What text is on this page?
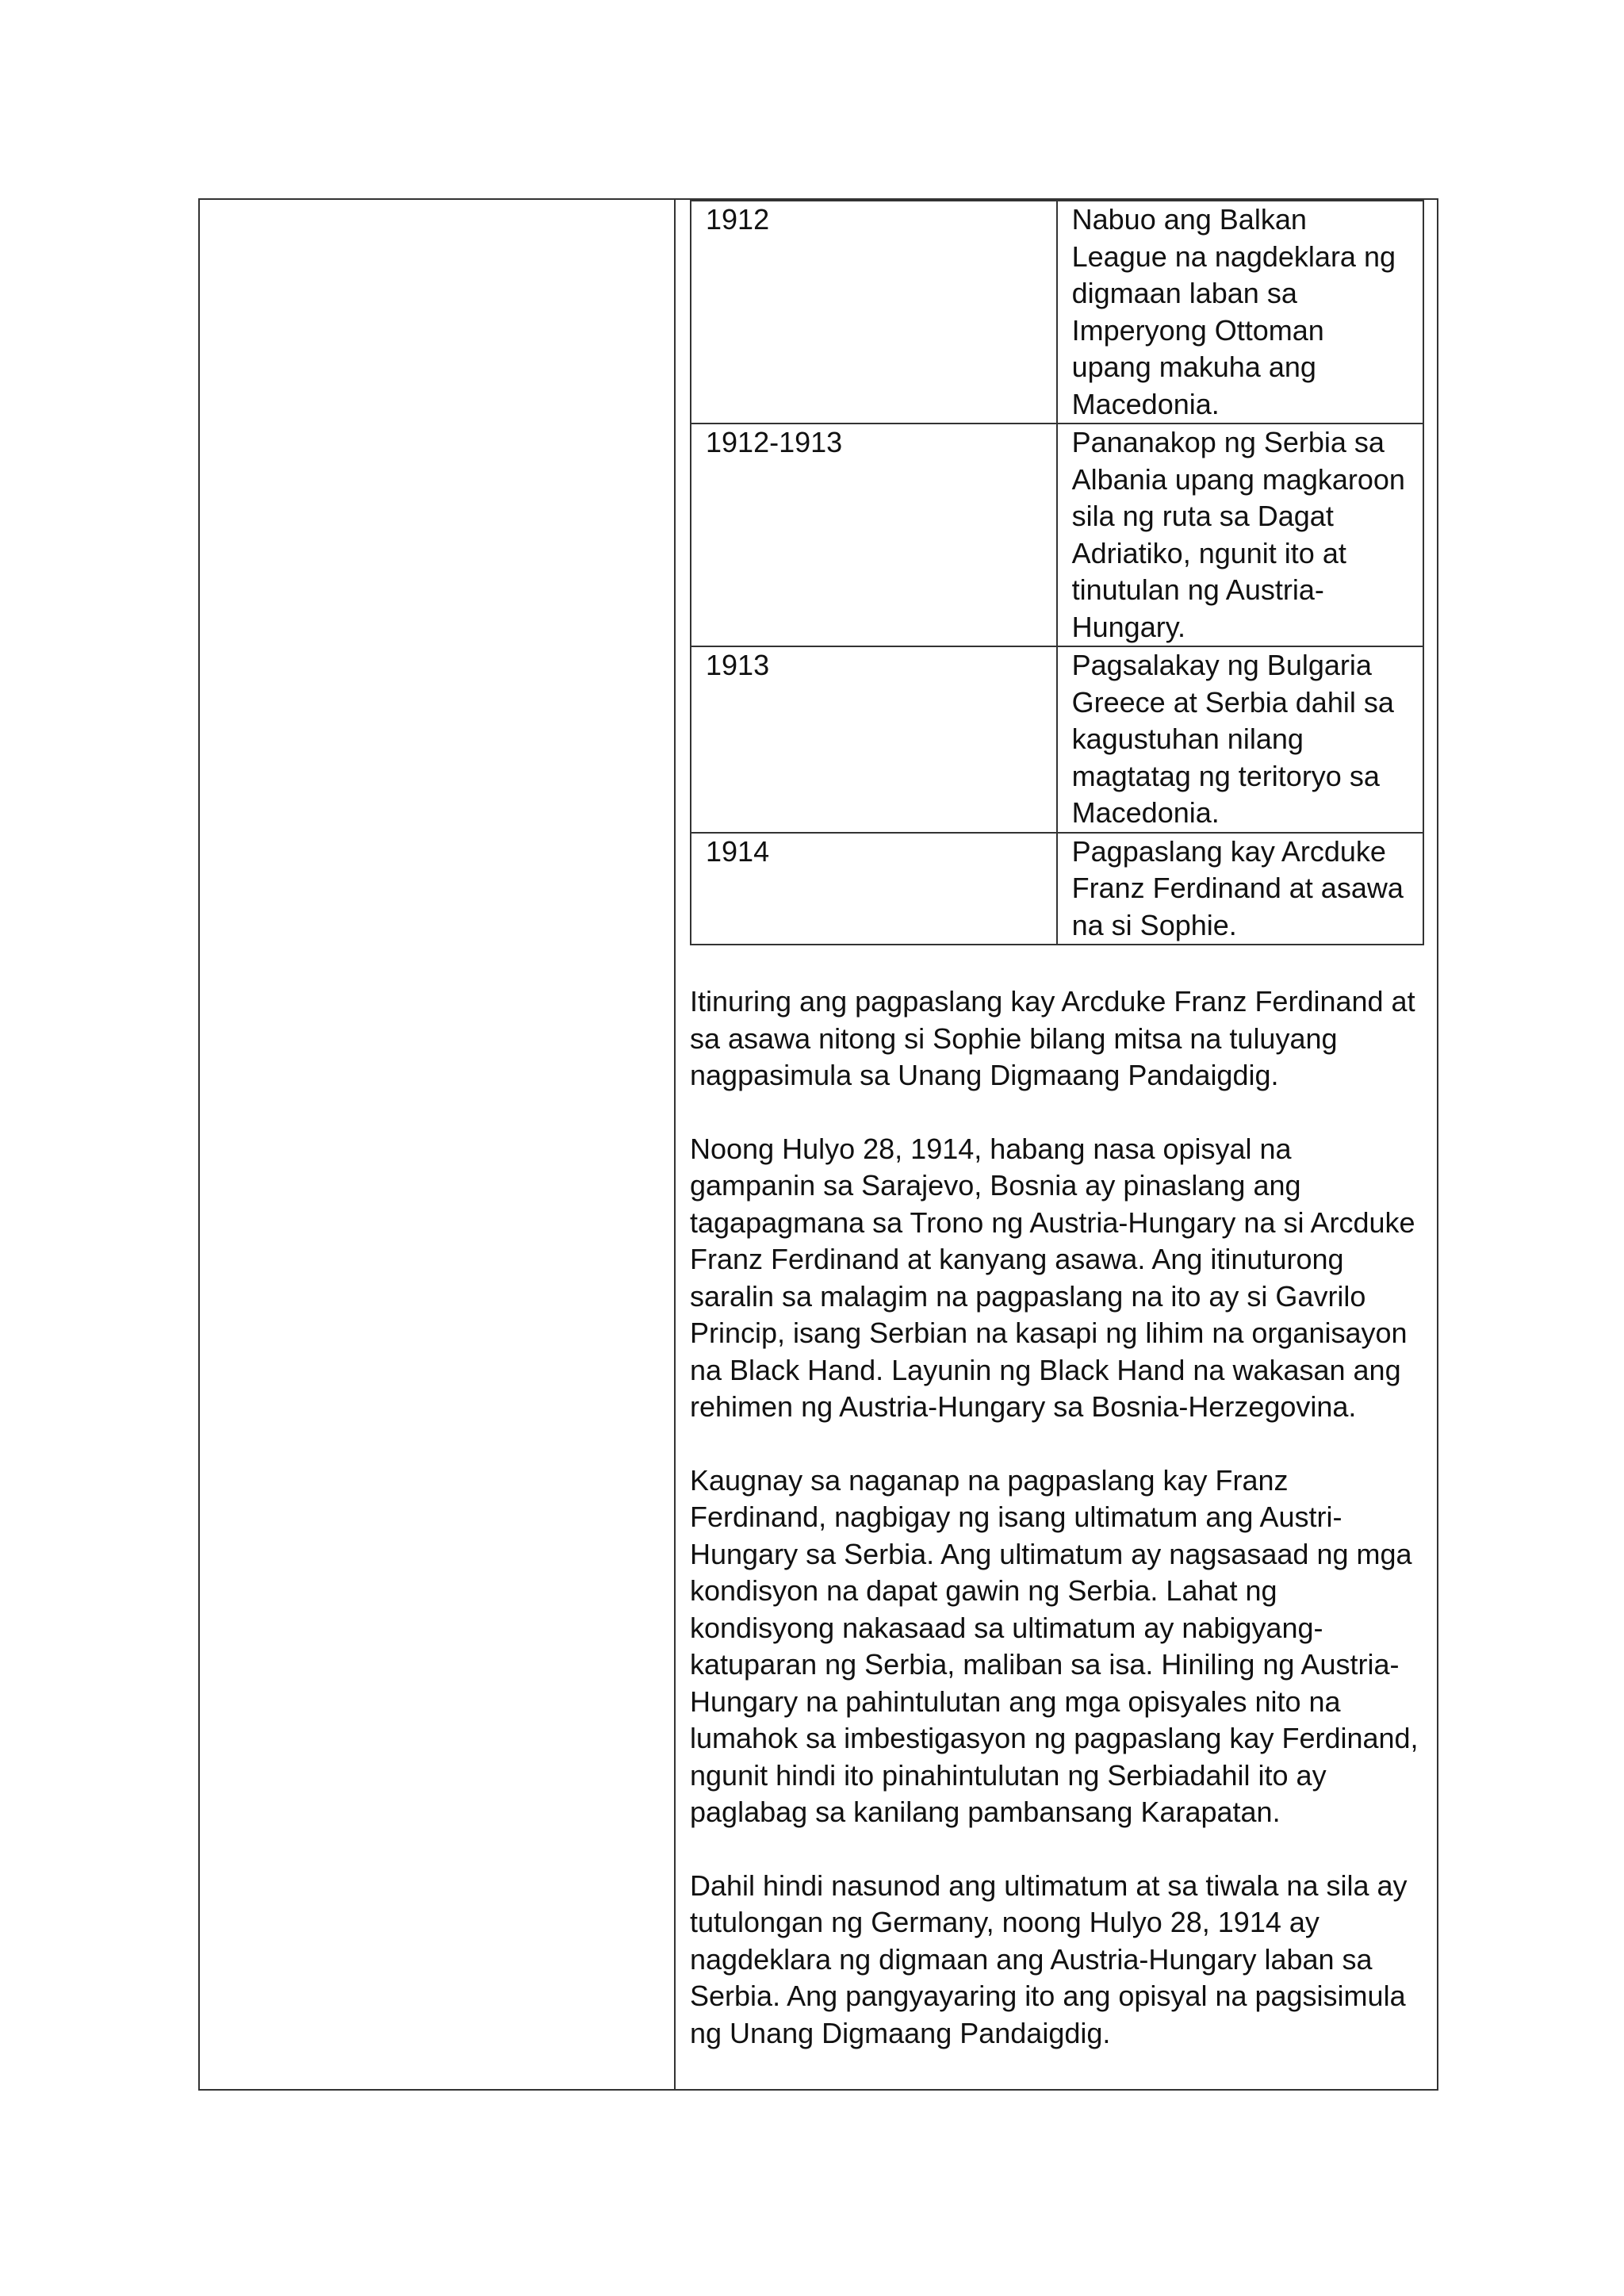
1912	Nabuo ang Balkan League na nagdeklara ng digmaan laban sa Imperyong Ottoman upang makuha ang Macedonia.
1912-1913	Pananakop ng Serbia sa Albania upang magkaroon sila ng ruta sa Dagat Adriatiko, ngunit ito at tinutulan ng Austria-Hungary.
1913	Pagsalakay ng Bulgaria Greece at Serbia dahil sa kagustuhan nilang magtatag ng teritoryo sa Macedonia.
1914	Pagpaslang kay Arcduke Franz Ferdinand at asawa na si Sophie.

Itinuring ang pagpaslang kay Arcduke Franz Ferdinand at sa asawa nitong si Sophie bilang mitsa na tuluyang nagpasimula sa Unang Digmaang Pandaigdig.

Noong Hulyo 28, 1914, habang nasa opisyal na gampanin sa Sarajevo, Bosnia ay pinaslang ang tagapagmana sa Trono ng Austria-Hungary na si Arcduke Franz Ferdinand at kanyang asawa. Ang itinuturong saralin sa malagim na pagpaslang na ito ay si Gavrilo Princip, isang Serbian na kasapi ng lihim na organisayon na Black Hand. Layunin ng Black Hand na wakasan ang rehimen ng Austria-Hungary sa Bosnia-Herzegovina.

Kaugnay sa naganap na pagpaslang kay Franz Ferdinand, nagbigay ng isang ultimatum ang Austri-Hungary sa Serbia. Ang ultimatum ay nagsasaad ng mga kondisyon na dapat gawin ng Serbia. Lahat ng kondisyong nakasaad sa ultimatum ay nabigyang-katuparan ng Serbia, maliban sa isa. Hiniling ng Austria-Hungary na pahintulutan ang mga opisyales nito na lumahok sa imbestigasyon ng pagpaslang kay Ferdinand, ngunit hindi ito pinahintulutan ng Serbiadahil ito ay paglabag sa kanilang pambansang Karapatan.

Dahil hindi nasunod ang ultimatum at sa tiwala na sila ay tutulongan ng Germany, noong Hulyo 28, 1914 ay nagdeklara ng digmaan ang Austria-Hungary laban sa Serbia. Ang pangyayaring ito ang opisyal na pagsisimula ng Unang Digmaang Pandaigdig.
